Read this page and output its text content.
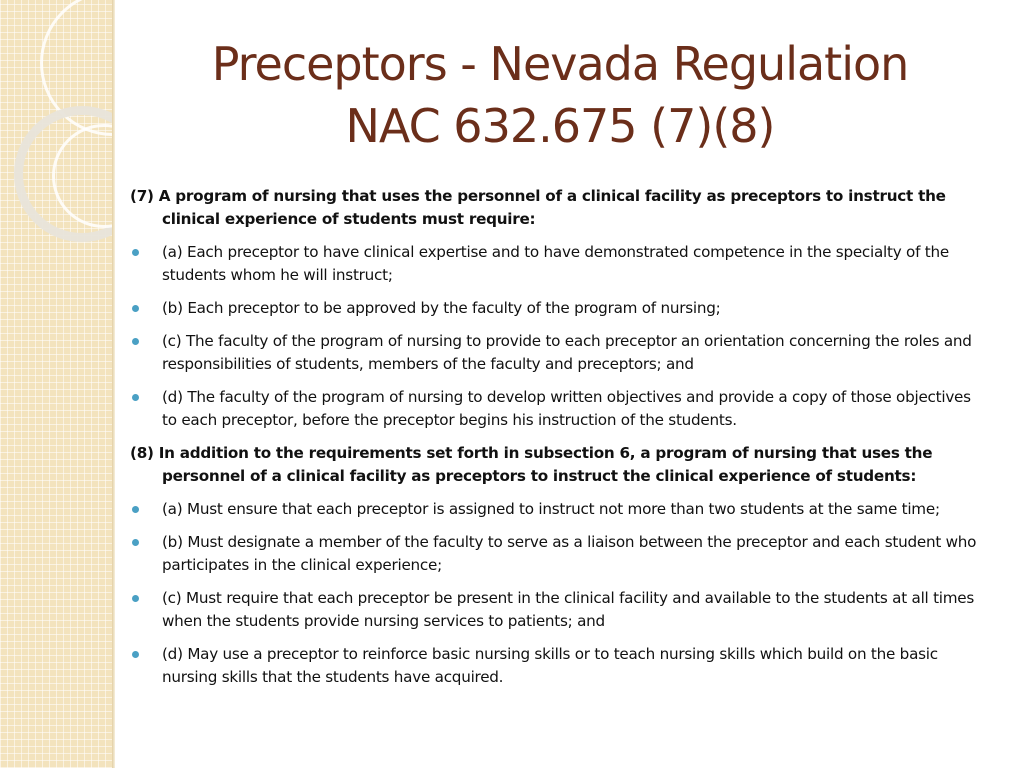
Preceptors - Nevada Regulation
NAC 632.675 (7)(8)
(7) A program of nursing that uses the personnel of a clinical facility as preceptors to instruct the clinical experience of students must require:
(a) Each preceptor to have clinical expertise and to have demonstrated competence in the specialty of the students whom he will instruct;
(b) Each preceptor to be approved by the faculty of the program of nursing;
(c) The faculty of the program of nursing to provide to each preceptor an orientation concerning the roles and responsibilities of students, members of the faculty and preceptors; and
(d) The faculty of the program of nursing to develop written objectives and provide a copy of those objectives to each preceptor, before the preceptor begins his instruction of the students.
(8) In addition to the requirements set forth in subsection 6, a program of nursing that uses the personnel of a clinical facility as preceptors to instruct the clinical experience of students:
(a) Must ensure that each preceptor is assigned to instruct not more than two students at the same time;
(b) Must designate a member of the faculty to serve as a liaison between the preceptor and each student who participates in the clinical experience;
(c) Must require that each preceptor be present in the clinical facility and available to the students at all times when the students provide nursing services to patients; and
(d) May use a preceptor to reinforce basic nursing skills or to teach nursing skills which build on the basic nursing skills that the students have acquired.
